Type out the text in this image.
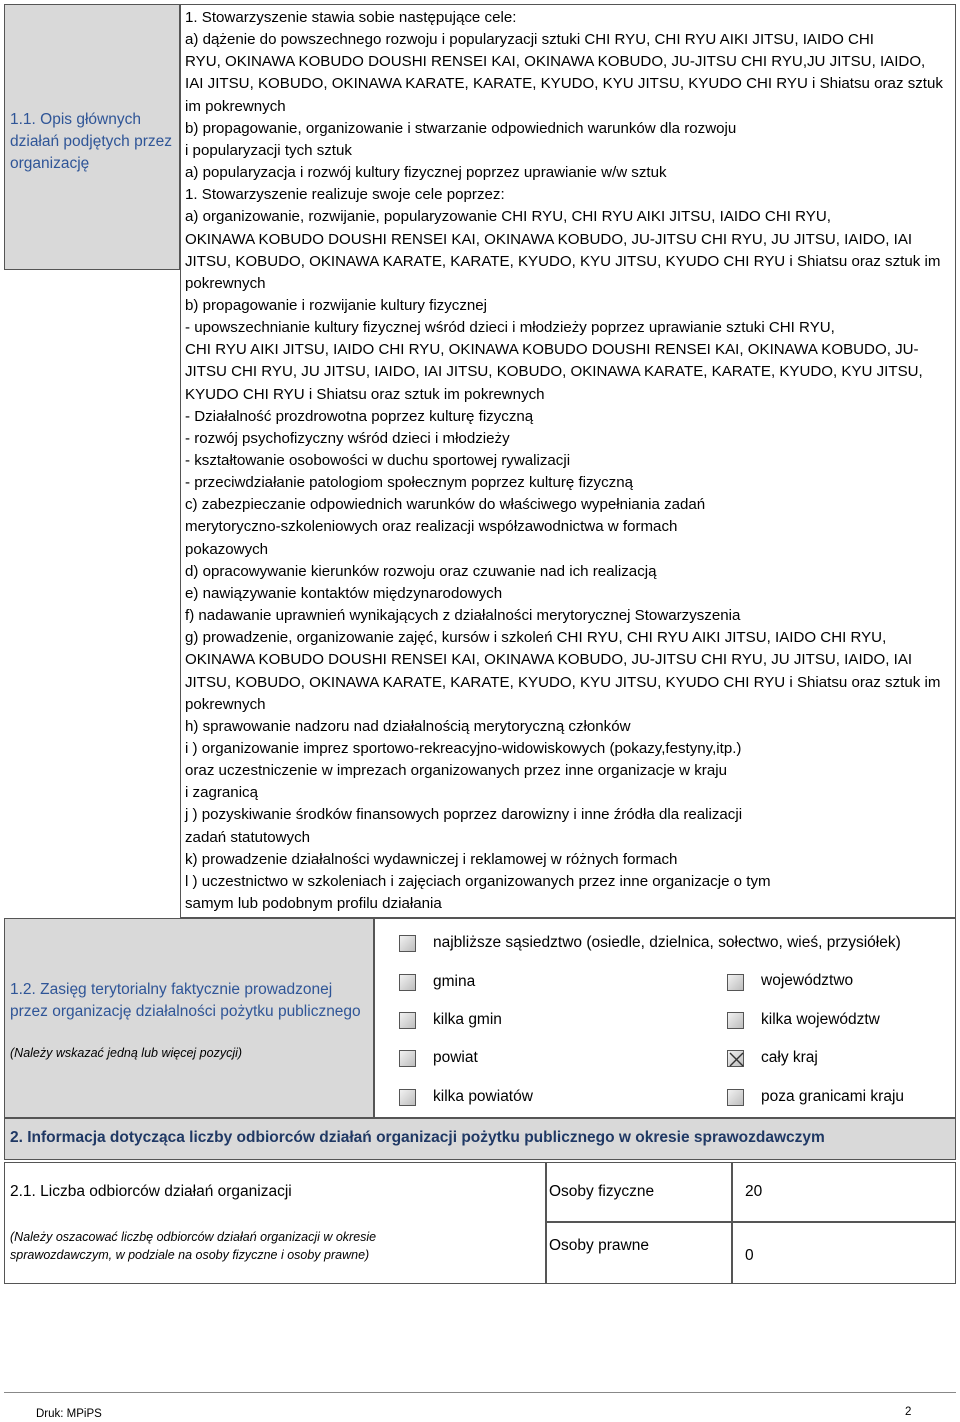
1.1. Opis głównych działań podjętych przez organizację
1. Stowarzyszenie stawia sobie następujące cele:
a) dążenie do powszechnego rozwoju i popularyzacji sztuki CHI RYU, CHI RYU AIKI JITSU, IAIDO CHI
RYU, OKINAWA KOBUDO DOUSHI RENSEI KAI, OKINAWA KOBUDO, JU-JITSU CHI RYU,JU JITSU, IAIDO,
IAI JITSU, KOBUDO, OKINAWA KARATE, KARATE, KYUDO, KYU JITSU, KYUDO CHI RYU i Shiatsu oraz sztuk
im pokrewnych
b) propagowanie, organizowanie i stwarzanie odpowiednich warunków dla rozwoju
i popularyzacji tych sztuk
a) popularyzacja i rozwój kultury fizycznej poprzez uprawianie w/w sztuk
1. Stowarzyszenie realizuje swoje cele poprzez:
a) organizowanie, rozwijanie, popularyzowanie CHI RYU, CHI RYU AIKI JITSU, IAIDO CHI RYU,
OKINAWA KOBUDO DOUSHI RENSEI KAI, OKINAWA KOBUDO, JU-JITSU CHI RYU, JU JITSU, IAIDO, IAI
JITSU, KOBUDO, OKINAWA KARATE, KARATE, KYUDO, KYU JITSU, KYUDO CHI RYU i Shiatsu oraz sztuk im
pokrewnych
b) propagowanie i rozwijanie kultury fizycznej
- upowszechnianie kultury fizycznej wśród dzieci i młodzieży poprzez uprawianie sztuki CHI RYU,
CHI RYU AIKI JITSU, IAIDO CHI RYU, OKINAWA KOBUDO DOUSHI RENSEI KAI, OKINAWA KOBUDO, JU-
JITSU CHI RYU, JU JITSU, IAIDO, IAI JITSU, KOBUDO, OKINAWA KARATE, KARATE, KYUDO, KYU JITSU,
KYUDO CHI RYU i Shiatsu oraz sztuk im pokrewnych
- Działalność prozdrowotna poprzez kulturę fizyczną
- rozwój psychofizyczny wśród dzieci i młodzieży
- kształtowanie osobowości w duchu sportowej rywalizacji
- przeciwdziałanie patologiom społecznym poprzez kulturę fizyczną
c) zabezpieczanie odpowiednich warunków do właściwego wypełniania zadań
merytoryczno-szkoleniowych oraz realizacji współzawodnictwa w formach
pokazowych
d) opracowywanie kierunków rozwoju oraz czuwanie nad ich realizacją
e) nawiązywanie kontaktów międzynarodowych
f) nadawanie uprawnień wynikających z działalności merytorycznej Stowarzyszenia
g) prowadzenie, organizowanie zajęć, kursów i szkoleń CHI RYU, CHI RYU AIKI JITSU, IAIDO CHI RYU,
OKINAWA KOBUDO DOUSHI RENSEI KAI, OKINAWA KOBUDO, JU-JITSU CHI RYU, JU JITSU, IAIDO, IAI
JITSU, KOBUDO, OKINAWA KARATE, KARATE, KYUDO, KYU JITSU, KYUDO CHI RYU i Shiatsu oraz sztuk im
pokrewnych
h) sprawowanie nadzoru nad działalnością merytoryczną członków
i ) organizowanie imprez sportowo-rekreacyjno-widowiskowych (pokazy,festyny,itp.)
oraz uczestniczenie w imprezach organizowanych przez inne organizacje w kraju
i zagranicą
j ) pozyskiwanie środków finansowych poprzez darowizny i inne źródła dla realizacji
zadań statutowych
k) prowadzenie działalności wydawniczej i reklamowej w różnych formach
l ) uczestnictwo w szkoleniach i zajęciach organizowanych przez inne organizacje o tym
samym lub podobnym profilu działania
1.2. Zasięg terytorialny faktycznie prowadzonej przez organizację działalności pożytku publicznego
(Należy wskazać jedną lub więcej pozycji)
najbliższe sąsiedztwo (osiedle, dzielnica, sołectwo, wieś, przysiółek)
gmina
kilka gmin
powiat
kilka powiatów
województwo
kilka województw
cały kraj
poza granicami kraju
2. Informacja dotycząca liczby odbiorców działań organizacji pożytku publicznego w okresie sprawozdawczym
2.1. Liczba odbiorców działań organizacji
(Należy oszacować liczbę odbiorców działań organizacji w okresie sprawozdawczym, w podziale na osoby fizyczne i osoby prawne)
Osoby fizyczne	20
Osoby prawne
0
Druk: MPiPS	2
